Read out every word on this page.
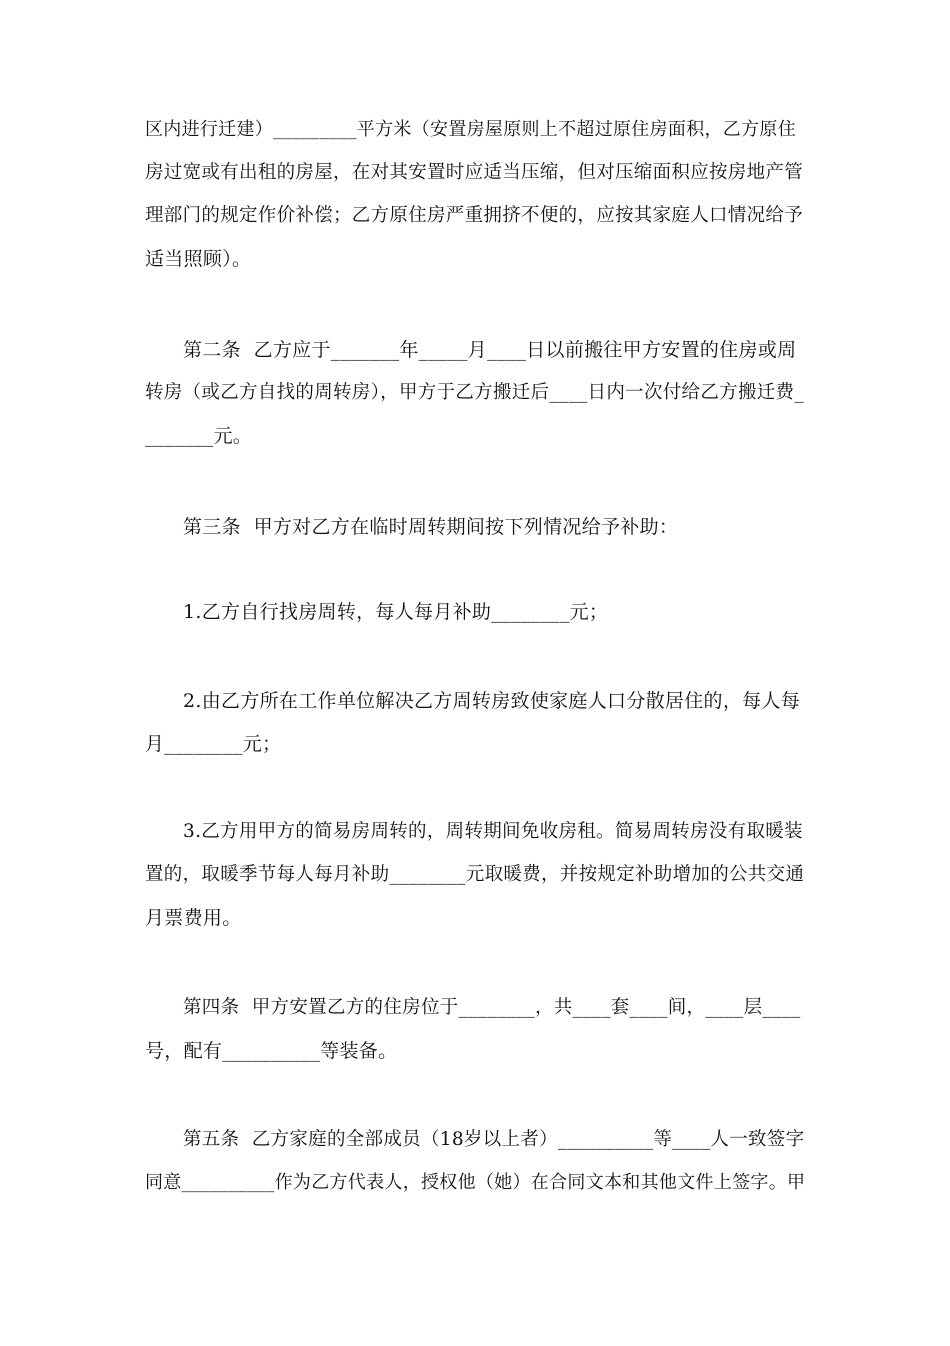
区内进行迁建）_________平方米（安置房屋原则上不超过原住房面积，乙方原住
房过宽或有出租的房屋，在对其安置时应适当压缩，但对压缩面积应按房地产管
理部门的规定作价补偿；乙方原住房严重拥挤不便的，应按其家庭人口情况给予
适当照顾）。
第二条  乙方应于_______年_____月____日以前搬往甲方安置的住房或周
转房（或乙方自找的周转房），甲方于乙方搬迁后____日内一次付给乙方搬迁费_
_______元。
第三条  甲方对乙方在临时周转期间按下列情况给予补助：
1.乙方自行找房周转，每人每月补助________元；
2.由乙方所在工作单位解决乙方周转房致使家庭人口分散居住的，每人每
月________元；
3.乙方用甲方的简易房周转的，周转期间免收房租。简易周转房没有取暖装
置的，取暖季节每人每月补助________元取暖费，并按规定补助增加的公共交通
月票费用。
第四条  甲方安置乙方的住房位于________，共____套____间，____层____
号，配有__________等装备。
第五条  乙方家庭的全部成员（18岁以上者）__________等____人一致签字
同意__________作为乙方代表人，授权他（她）在合同文本和其他文件上签字。甲
